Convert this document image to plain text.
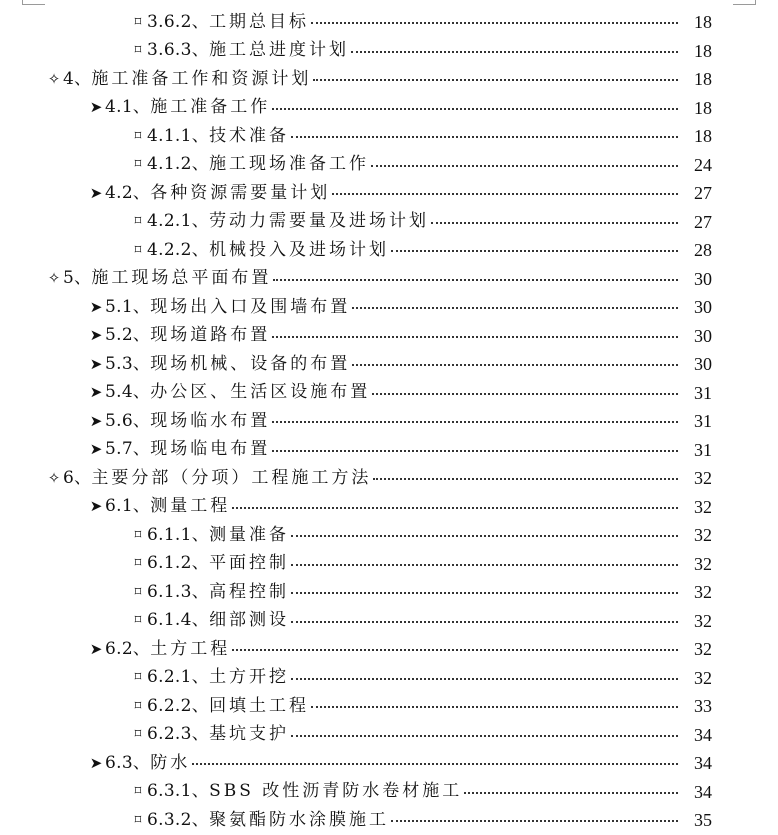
⌑ 3.6.2、 工期总目标	18
⌑ 3.6.3、 施工总进度计划	18
✧ 4、 施工准备工作和资源计划	18
➤ 4.1、 施工准备工作	18
⌑ 4.1.1、 技术准备	18
⌑ 4.1.2、 施工现场准备工作	24
➤ 4.2、 各种资源需要量计划	27
⌑ 4.2.1、 劳动力需要量及进场计划	27
⌑ 4.2.2、 机械投入及进场计划	28
✧ 5、 施工现场总平面布置	30
➤ 5.1、 现场出入口及围墙布置	30
➤ 5.2、 现场道路布置	30
➤ 5.3、 现场机械、设备的布置	30
➤ 5.4、 办公区、生活区设施布置	31
➤ 5.6、 现场临水布置	31
➤ 5.7、 现场临电布置	31
✧ 6、 主要分部（分项）工程施工方法	32
➤ 6.1、 测量工程	32
⌑ 6.1.1、 测量准备	32
⌑ 6.1.2、 平面控制	32
⌑ 6.1.3、 高程控制	32
⌑ 6.1.4、 细部测设	32
➤ 6.2、 土方工程	32
⌑ 6.2.1、 土方开挖	32
⌑ 6.2.2、 回填土工程	33
⌑ 6.2.3、 基坑支护	34
➤ 6.3、 防水	34
⌑ 6.3.1、 SBS 改性沥青防水卷材施工	34
⌑ 6.3.2、 聚氨酯防水涂膜施工	35
